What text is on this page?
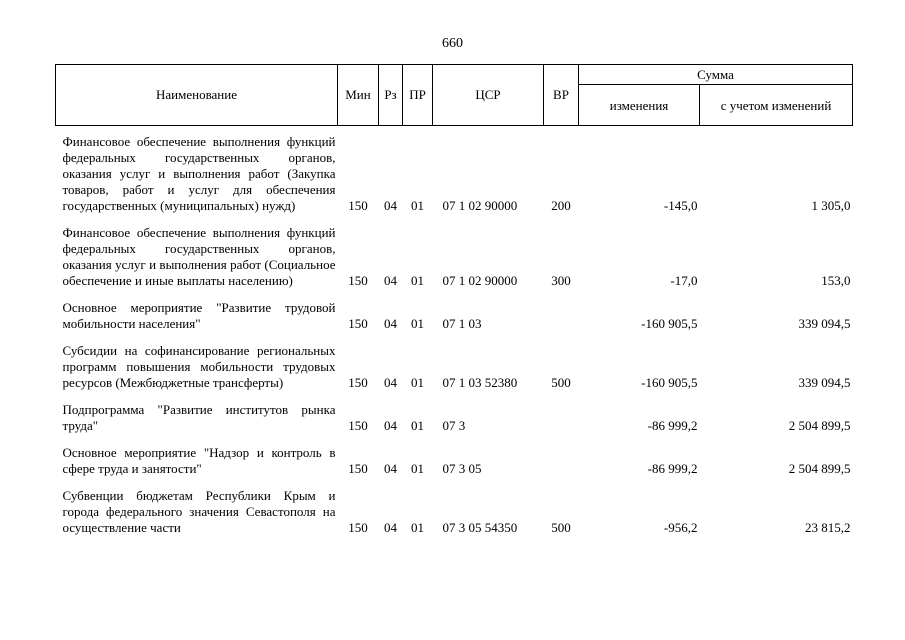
660
Наименование	Мин	Рз	ПР	ЦСР	ВР	Сумма	
						изменения	с учетом изменений
Финансовое обеспечение выполнения функций федеральных государственных органов, оказания услуг и выполнения работ (Закупка товаров, работ и услуг для обеспечения государственных (муниципальных) нужд)	150	04	01	07 1 02 90000	200	-145,0	1 305,0
Финансовое обеспечение выполнения функций федеральных государственных органов, оказания услуг и выполнения работ (Социальное обеспечение и иные выплаты населению)	150	04	01	07 1 02 90000	300	-17,0	153,0
Основное мероприятие "Развитие трудовой мобильности населения"	150	04	01	07 1 03		-160 905,5	339 094,5
Субсидии на софинансирование региональных программ повышения мобильности трудовых ресурсов (Межбюджетные трансферты)	150	04	01	07 1 03 52380	500	-160 905,5	339 094,5
Подпрограмма "Развитие институтов рынка труда"	150	04	01	07 3		-86 999,2	2 504 899,5
Основное мероприятие "Надзор и контроль в сфере труда и занятости"	150	04	01	07 3 05		-86 999,2	2 504 899,5
Субвенции бюджетам Республики Крым и города федерального значения Севастополя на осуществление части	150	04	01	07 3 05 54350	500	-956,2	23 815,2
